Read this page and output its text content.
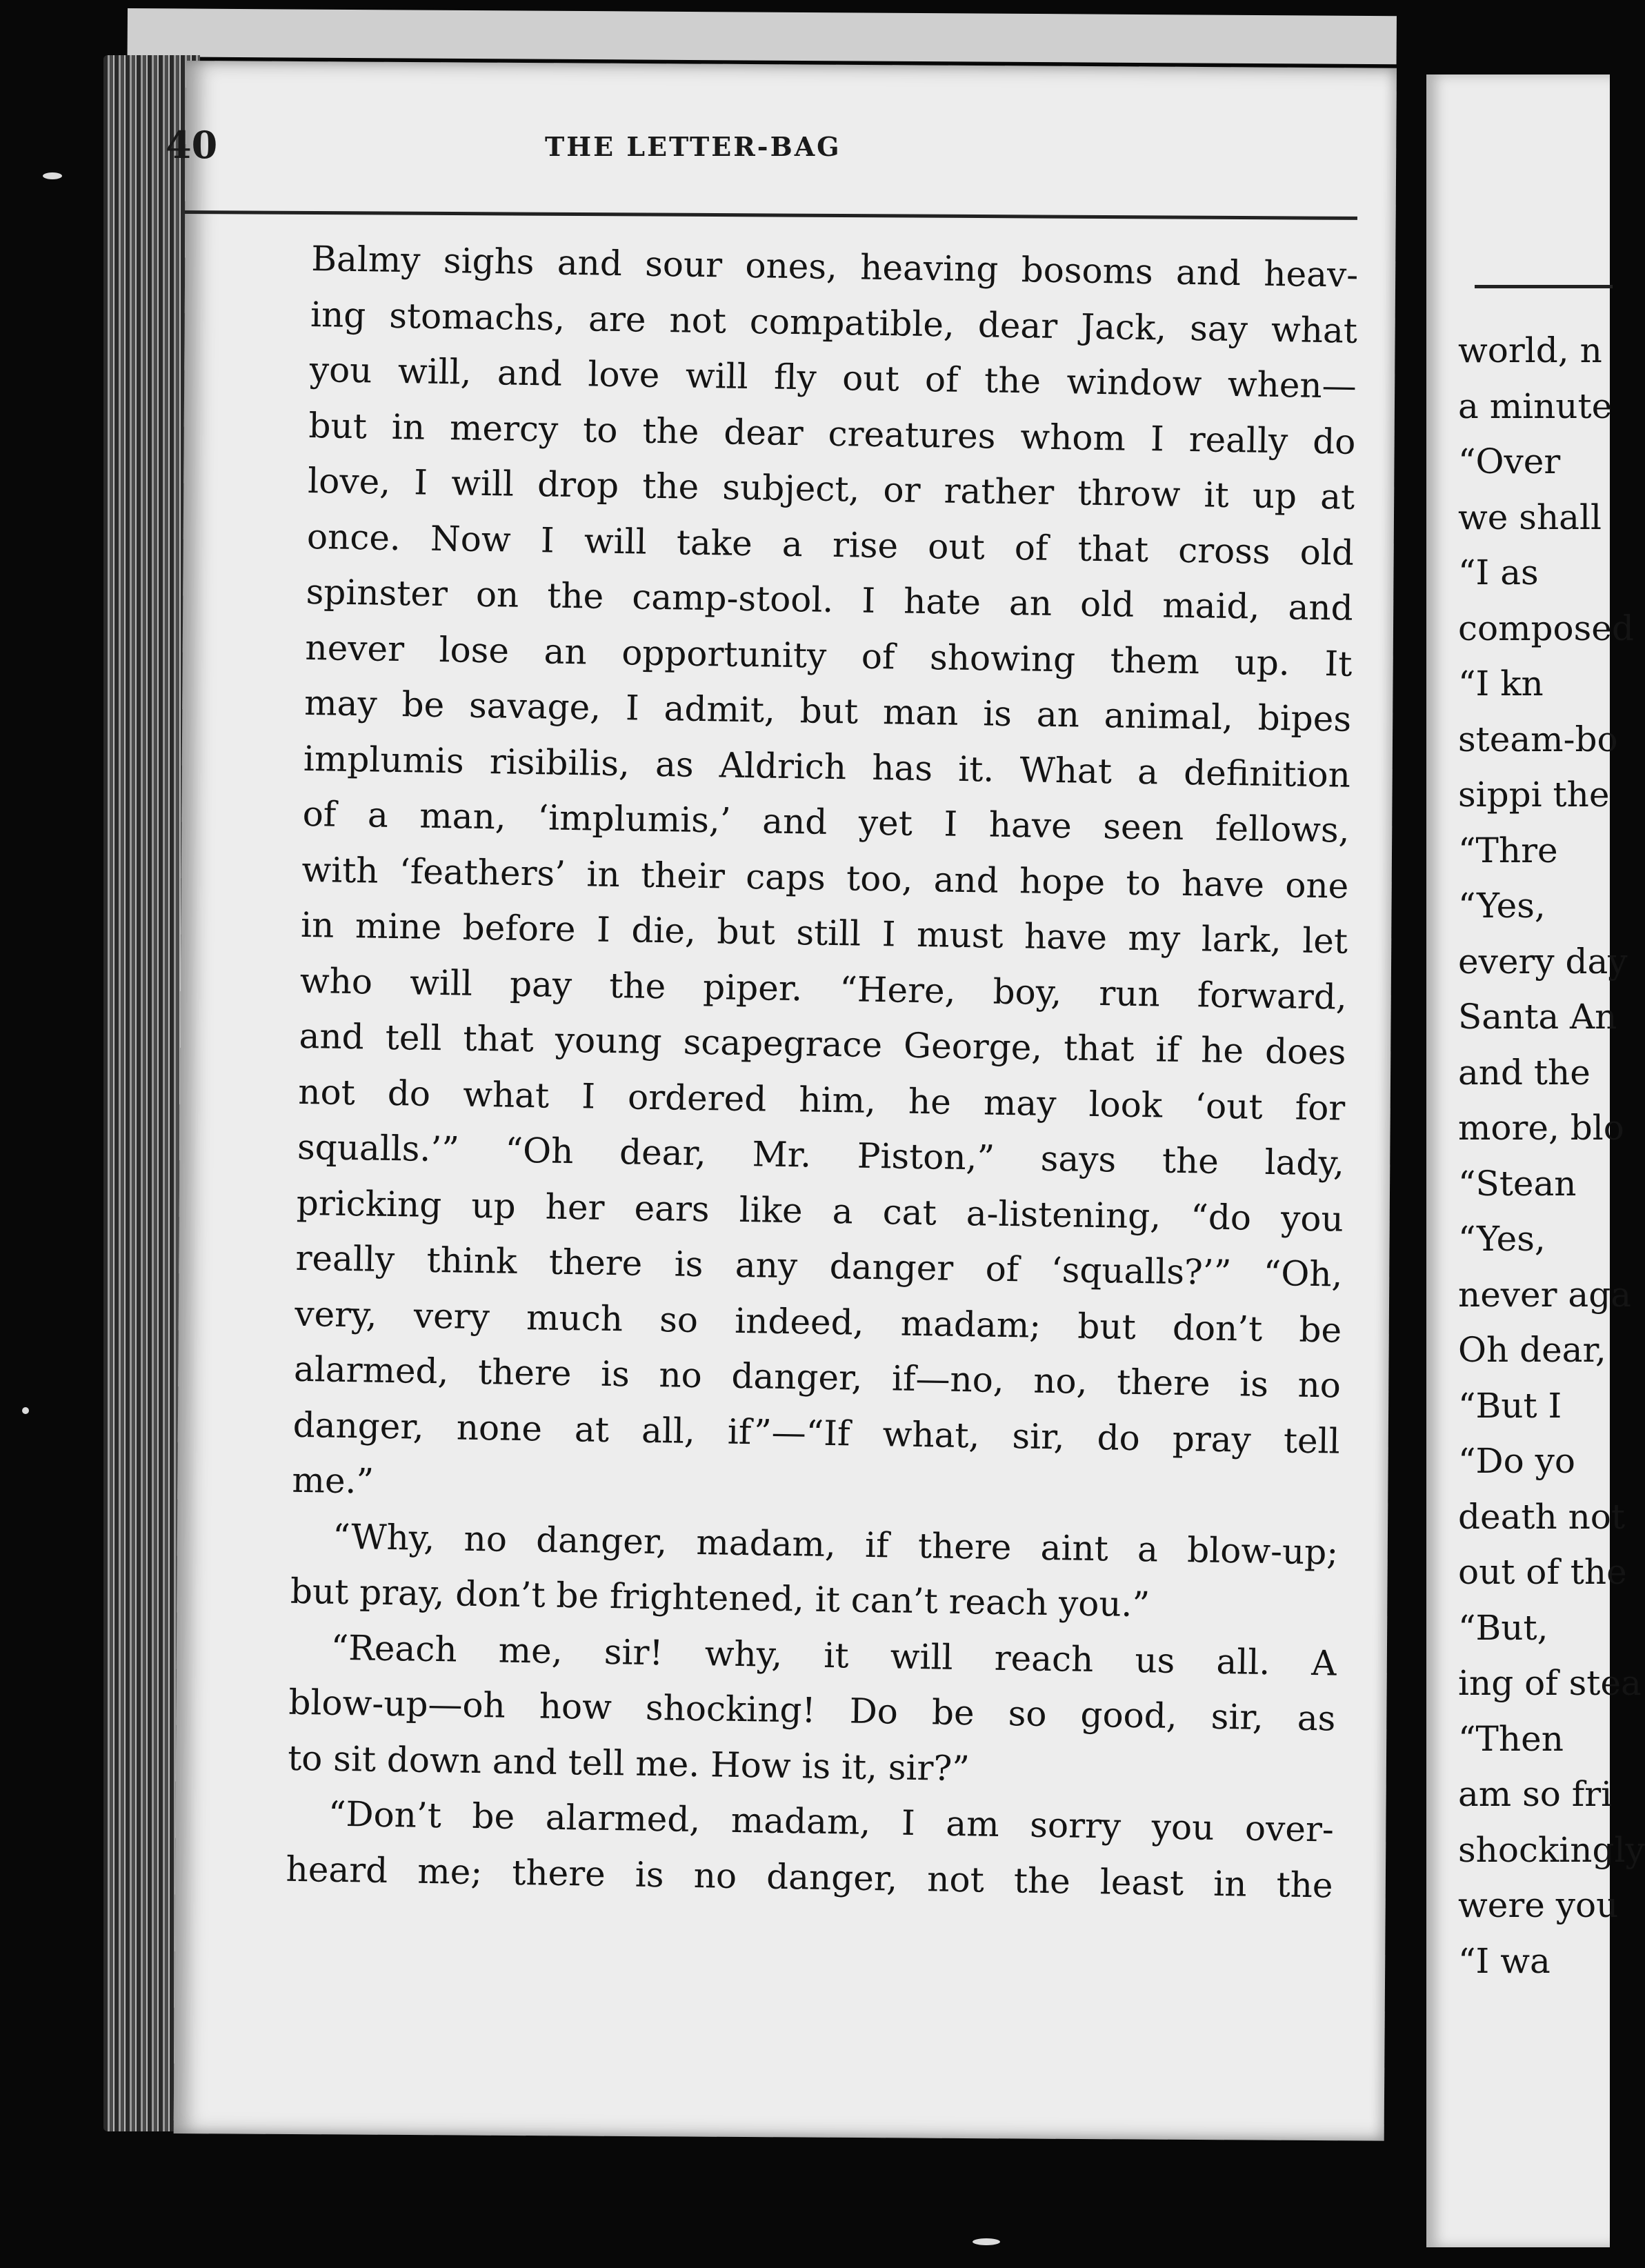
world, n
a minute
“Over
we shall
“I as
composed
“I kn
steam-bo
sippi the
“Thre
“Yes,
every day
Santa An
and the
more, blo
“Stean
“Yes,
never aga
Oh dear,
“But I
“Do yo
death not
out of the
“But,
ing of stea
“Then
am so fri
shockingly
were you
“I wa
40	THE LETTER-BAG
Balmy sighs and sour ones, heaving bosoms and heav-
ing stomachs, are not compatible, dear Jack, say what
you will, and love will fly out of the window when—
but in mercy to the dear creatures whom I really do
love, I will drop the subject, or rather throw it up at
once. Now I will take a rise out of that cross old
spinster on the camp-stool. I hate an old maid, and
never lose an opportunity of showing them up. It
may be savage, I admit, but man is an animal, bipes
implumis risibilis, as Aldrich has it. What a definition
of a man, ‘implumis,’ and yet I have seen fellows,
with ‘feathers’ in their caps too, and hope to have one
in mine before I die, but still I must have my lark, let
who will pay the piper. “Here, boy, run forward,
and tell that young scapegrace George, that if he does
not do what I ordered him, he may look ‘out for
squalls.’” “Oh dear, Mr. Piston,” says the lady,
pricking up her ears like a cat a-listening, “do you
really think there is any danger of ‘squalls?’” “Oh,
very, very much so indeed, madam; but don’t be
alarmed, there is no danger, if—no, no, there is no
danger, none at all, if”—“If what, sir, do pray tell
me.”
“Why, no danger, madam, if there aint a blow-up;
but pray, don’t be frightened, it can’t reach you.”
“Reach me, sir! why, it will reach us all. A
blow-up—oh how shocking! Do be so good, sir, as
to sit down and tell me. How is it, sir?”
“Don’t be alarmed, madam, I am sorry you over-
heard me; there is no danger, not the least in the
